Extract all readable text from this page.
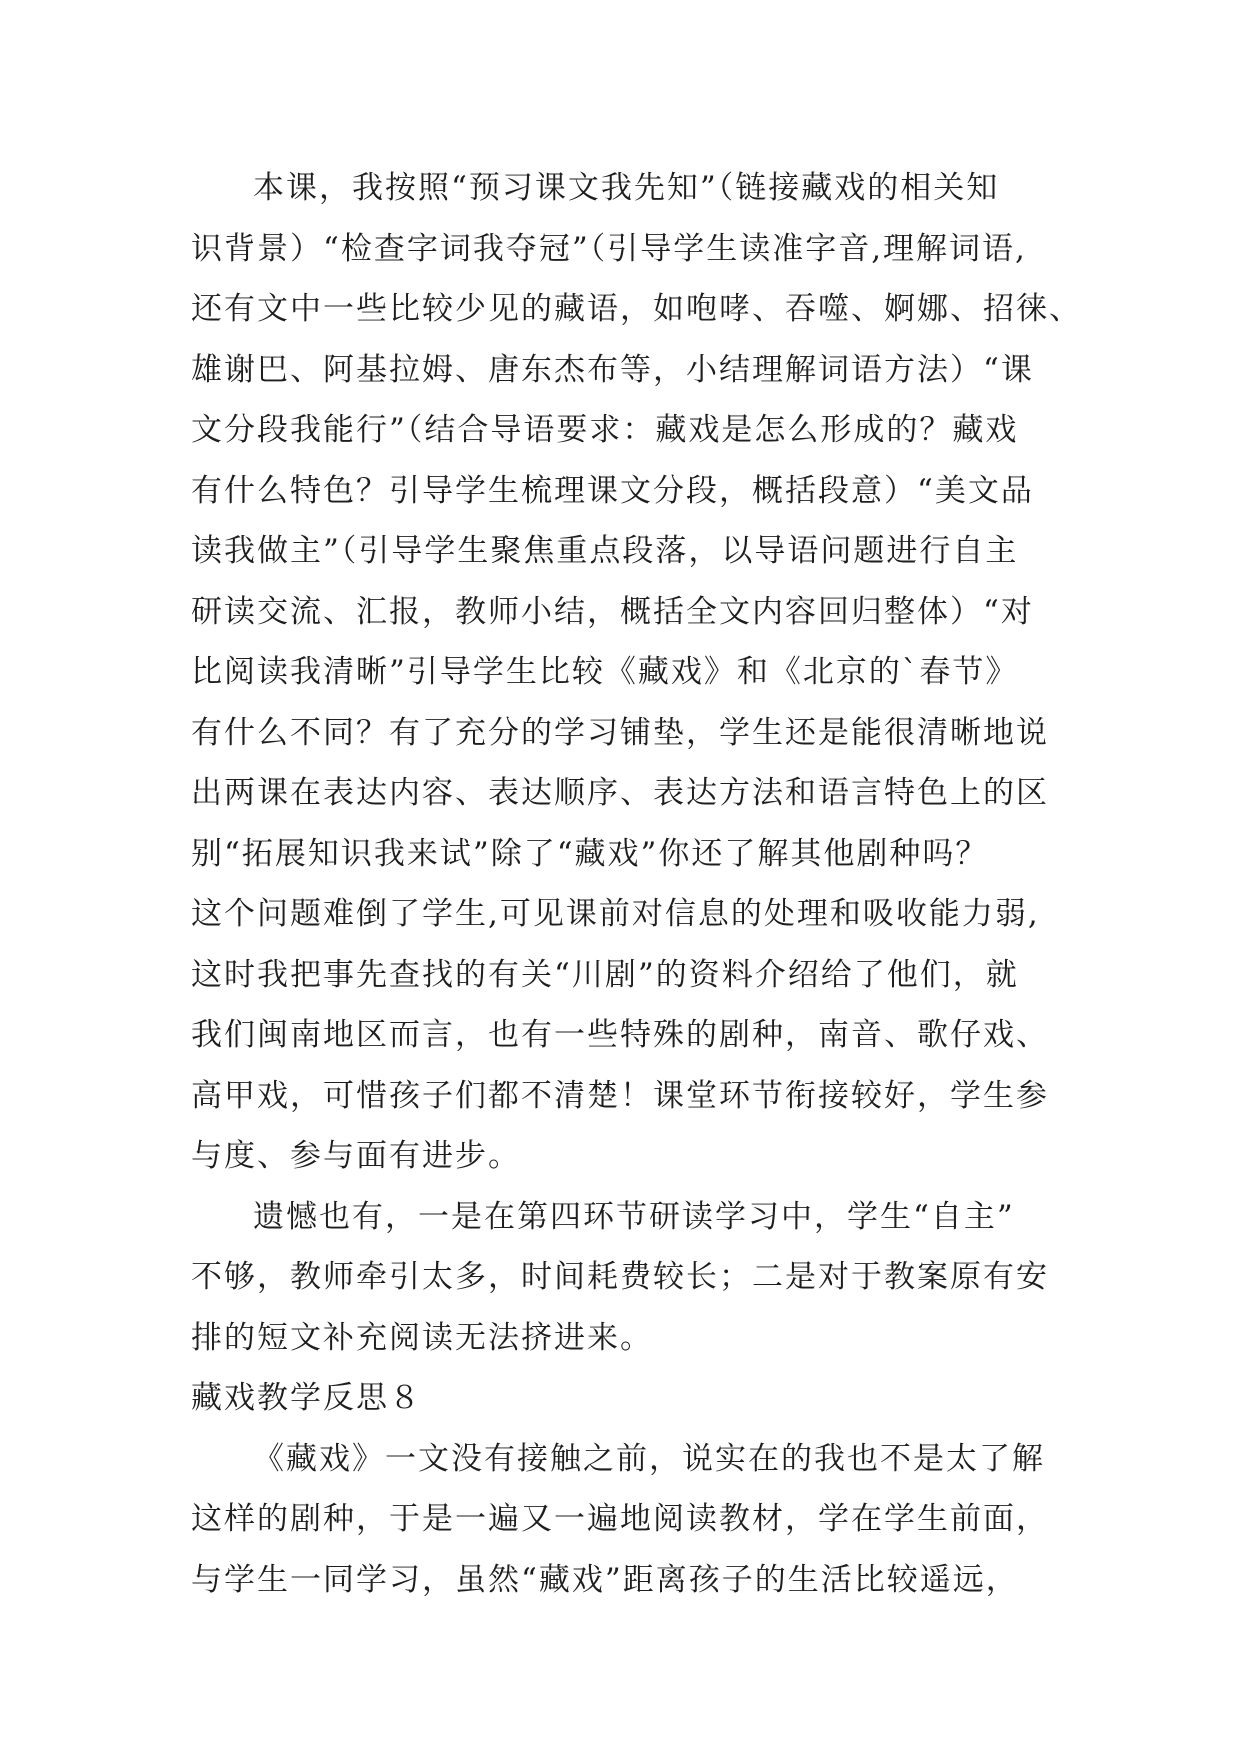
本课，我按照“预习课文我先知”（链接藏戏的相关知
识背景）“检查字词我夺冠”（引导学生读准字音,理解词语,
还有文中一些比较少见的藏语，如咆哮、吞噬、婀娜、招徕、
雄谢巴、阿基拉姆、唐东杰布等，小结理解词语方法）“课
文分段我能行”（结合导语要求：藏戏是怎么形成的？藏戏
有什么特色？引导学生梳理课文分段，概括段意）“美文品
读我做主”（引导学生聚焦重点段落，以导语问题进行自主
研读交流、汇报，教师小结，概括全文内容回归整体）“对
比阅读我清晰”引导学生比较《藏戏》和《北京的`春节》
有什么不同？有了充分的学习铺垫，学生还是能很清晰地说
出两课在表达内容、表达顺序、表达方法和语言特色上的区
别“拓展知识我来试”除了“藏戏”你还了解其他剧种吗？
这个问题难倒了学生,可见课前对信息的处理和吸收能力弱,
这时我把事先查找的有关“川剧”的资料介绍给了他们，就
我们闽南地区而言，也有一些特殊的剧种，南音、歌仔戏、
高甲戏，可惜孩子们都不清楚！课堂环节衔接较好，学生参
与度、参与面有进步。
遗憾也有，一是在第四环节研读学习中，学生“自主”
不够，教师牵引太多，时间耗费较长；二是对于教案原有安
排的短文补充阅读无法挤进来。
藏戏教学反思８
《藏戏》一文没有接触之前，说实在的我也不是太了解
这样的剧种，于是一遍又一遍地阅读教材，学在学生前面，
与学生一同学习，虽然“藏戏”距离孩子的生活比较遥远，
